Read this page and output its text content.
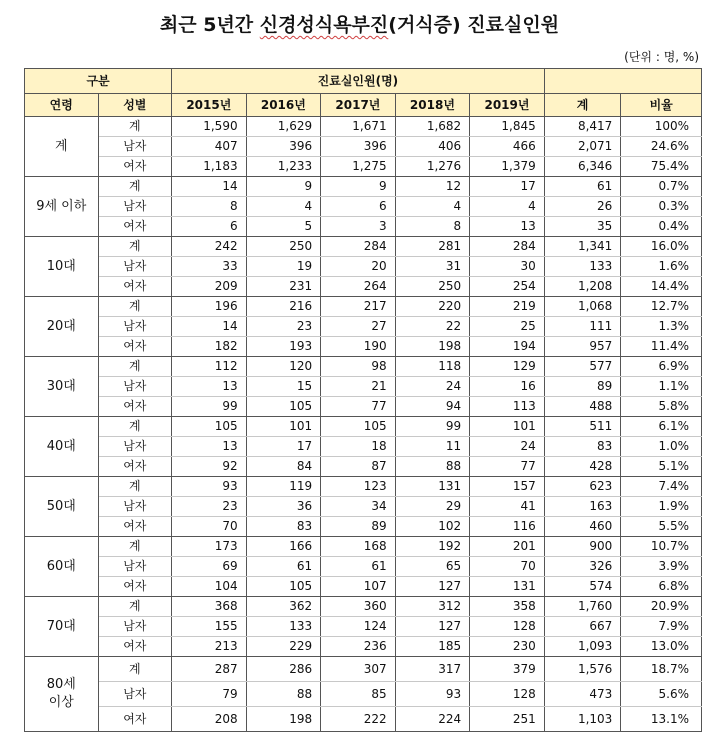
최근 5년간 신경성식욕부진(거식증) 진료실인원
(단위 : 명, %)
구분		진료실인원(명)						
연령	성별	2015년	2016년	2017년	2018년	2019년	계	비율
계	계	1,590	1,629	1,671	1,682	1,845	8,417	100%
	남자	407	396	396	406	466	2,071	24.6%
	여자	1,183	1,233	1,275	1,276	1,379	6,346	75.4%
9세 이하	계	14	9	9	12	17	61	0.7%
	남자	8	4	6	4	4	26	0.3%
	여자	6	5	3	8	13	35	0.4%
10대	계	242	250	284	281	284	1,341	16.0%
	남자	33	19	20	31	30	133	1.6%
	여자	209	231	264	250	254	1,208	14.4%
20대	계	196	216	217	220	219	1,068	12.7%
	남자	14	23	27	22	25	111	1.3%
	여자	182	193	190	198	194	957	11.4%
30대	계	112	120	98	118	129	577	6.9%
	남자	13	15	21	24	16	89	1.1%
	여자	99	105	77	94	113	488	5.8%
40대	계	105	101	105	99	101	511	6.1%
	남자	13	17	18	11	24	83	1.0%
	여자	92	84	87	88	77	428	5.1%
50대	계	93	119	123	131	157	623	7.4%
	남자	23	36	34	29	41	163	1.9%
	여자	70	83	89	102	116	460	5.5%
60대	계	173	166	168	192	201	900	10.7%
	남자	69	61	61	65	70	326	3.9%
	여자	104	105	107	127	131	574	6.8%
70대	계	368	362	360	312	358	1,760	20.9%
	남자	155	133	124	127	128	667	7.9%
	여자	213	229	236	185	230	1,093	13.0%
80세
이상	계	287	286	307	317	379	1,576	18.7%
	남자	79	88	85	93	128	473	5.6%
	여자	208	198	222	224	251	1,103	13.1%
